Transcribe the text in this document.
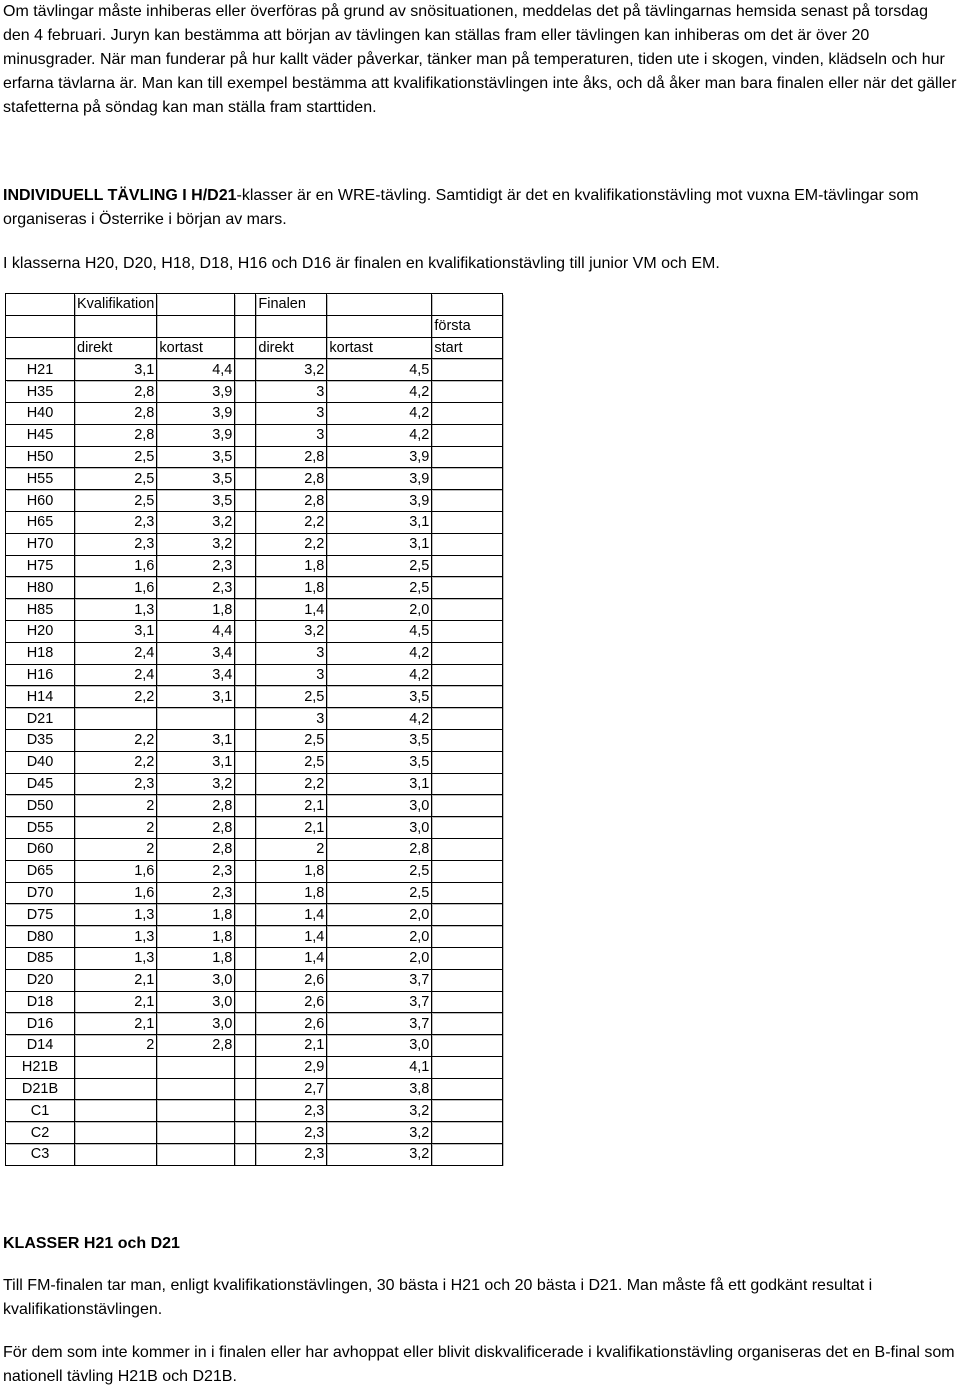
Om tävlingar måste inhiberas eller överföras på grund av snösituationen, meddelas det på tävlingarnas hemsida senast på torsdag den 4 februari. Juryn kan bestämma att början av tävlingen kan ställas fram eller tävlingen kan inhiberas om det är över 20 minusgrader. När man funderar på hur kallt väder påverkar, tänker man på temperaturen, tiden ute i skogen, vinden, klädseln och hur erfarna tävlarna är. Man kan till exempel bestämma att kvalifikationstävlingen inte åks, och då åker man bara finalen eller när det gäller stafetterna på söndag kan man ställa fram starttiden.
INDIVIDUELL TÄVLING I H/D21-klasser är en WRE-tävling. Samtidigt är det en kvalifikationstävling mot vuxna EM-tävlingar som organiseras i Österrike i början av mars.
I klasserna H20, D20, H18, D18, H16 och D16 är finalen en kvalifikationstävling till junior VM och EM.
	Kvalifikation			Finalen		
						första
	direkt	kortast		direkt	kortast	start
H21	3,1	4,4		3,2	4,5	
H35	2,8	3,9		3	4,2	
H40	2,8	3,9		3	4,2	
H45	2,8	3,9		3	4,2	
H50	2,5	3,5		2,8	3,9	
H55	2,5	3,5		2,8	3,9	
H60	2,5	3,5		2,8	3,9	
H65	2,3	3,2		2,2	3,1	
H70	2,3	3,2		2,2	3,1	
H75	1,6	2,3		1,8	2,5	
H80	1,6	2,3		1,8	2,5	
H85	1,3	1,8		1,4	2,0	
H20	3,1	4,4		3,2	4,5	
H18	2,4	3,4		3	4,2	
H16	2,4	3,4		3	4,2	
H14	2,2	3,1		2,5	3,5	
D21				3	4,2	
D35	2,2	3,1		2,5	3,5	
D40	2,2	3,1		2,5	3,5	
D45	2,3	3,2		2,2	3,1	
D50	2	2,8		2,1	3,0	
D55	2	2,8		2,1	3,0	
D60	2	2,8		2	2,8	
D65	1,6	2,3		1,8	2,5	
D70	1,6	2,3		1,8	2,5	
D75	1,3	1,8		1,4	2,0	
D80	1,3	1,8		1,4	2,0	
D85	1,3	1,8		1,4	2,0	
D20	2,1	3,0		2,6	3,7	
D18	2,1	3,0		2,6	3,7	
D16	2,1	3,0		2,6	3,7	
D14	2	2,8		2,1	3,0	
H21B				2,9	4,1	
D21B				2,7	3,8	
C1				2,3	3,2	
C2				2,3	3,2	
C3				2,3	3,2	
KLASSER H21 och D21
Till FM-finalen tar man, enligt kvalifikationstävlingen, 30 bästa i H21 och 20 bästa i D21. Man måste få ett godkänt resultat i kvalifikationstävlingen.
För dem som inte kommer in i finalen eller har avhoppat eller blivit diskvalificerade i kvalifikationstävling organiseras det en B-final som nationell tävling H21B och D21B.
